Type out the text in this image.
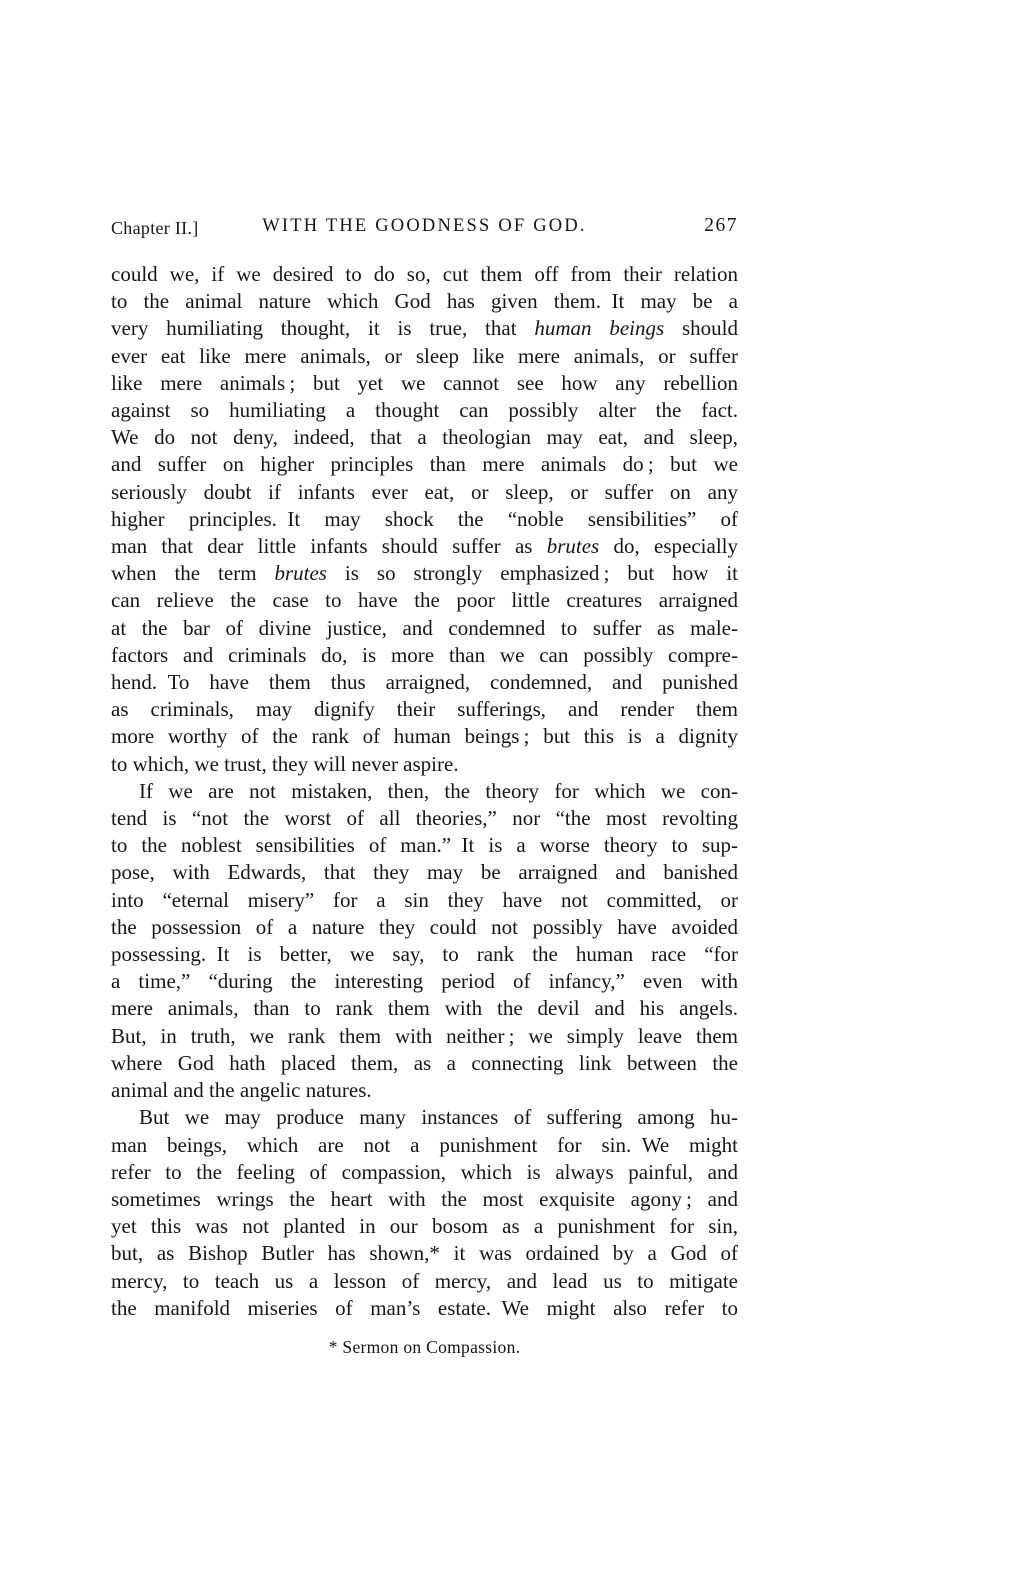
Chapter II.]	WITH THE GOODNESS OF GOD.	267
could we, if we desired to do so, cut them off from their relation
to the animal nature which God has given them. It may be a
very humiliating thought, it is true, that human beings should
ever eat like mere animals, or sleep like mere animals, or suffer
like mere animals ; but yet we cannot see how any rebellion
against so humiliating a thought can possibly alter the fact.
We do not deny, indeed, that a theologian may eat, and sleep,
and suffer on higher principles than mere animals do ; but we
seriously doubt if infants ever eat, or sleep, or suffer on any
higher principles. It may shock the “noble sensibilities” of
man that dear little infants should suffer as brutes do, especially
when the term brutes is so strongly emphasized ; but how it
can relieve the case to have the poor little creatures arraigned
at the bar of divine justice, and condemned to suffer as male-
factors and criminals do, is more than we can possibly compre-
hend. To have them thus arraigned, condemned, and punished
as criminals, may dignify their sufferings, and render them
more worthy of the rank of human beings ; but this is a dignity
to which, we trust, they will never aspire.
If we are not mistaken, then, the theory for which we con-
tend is “not the worst of all theories,” nor “the most revolting
to the noblest sensibilities of man.” It is a worse theory to sup-
pose, with Edwards, that they may be arraigned and banished
into “eternal misery” for a sin they have not committed, or
the possession of a nature they could not possibly have avoided
possessing. It is better, we say, to rank the human race “for
a time,” “during the interesting period of infancy,” even with
mere animals, than to rank them with the devil and his angels.
But, in truth, we rank them with neither ; we simply leave them
where God hath placed them, as a connecting link between the
animal and the angelic natures.
But we may produce many instances of suffering among hu-
man beings, which are not a punishment for sin. We might
refer to the feeling of compassion, which is always painful, and
sometimes wrings the heart with the most exquisite agony ; and
yet this was not planted in our bosom as a punishment for sin,
but, as Bishop Butler has shown,* it was ordained by a God of
mercy, to teach us a lesson of mercy, and lead us to mitigate
the manifold miseries of man’s estate. We might also refer to
* Sermon on Compassion.
